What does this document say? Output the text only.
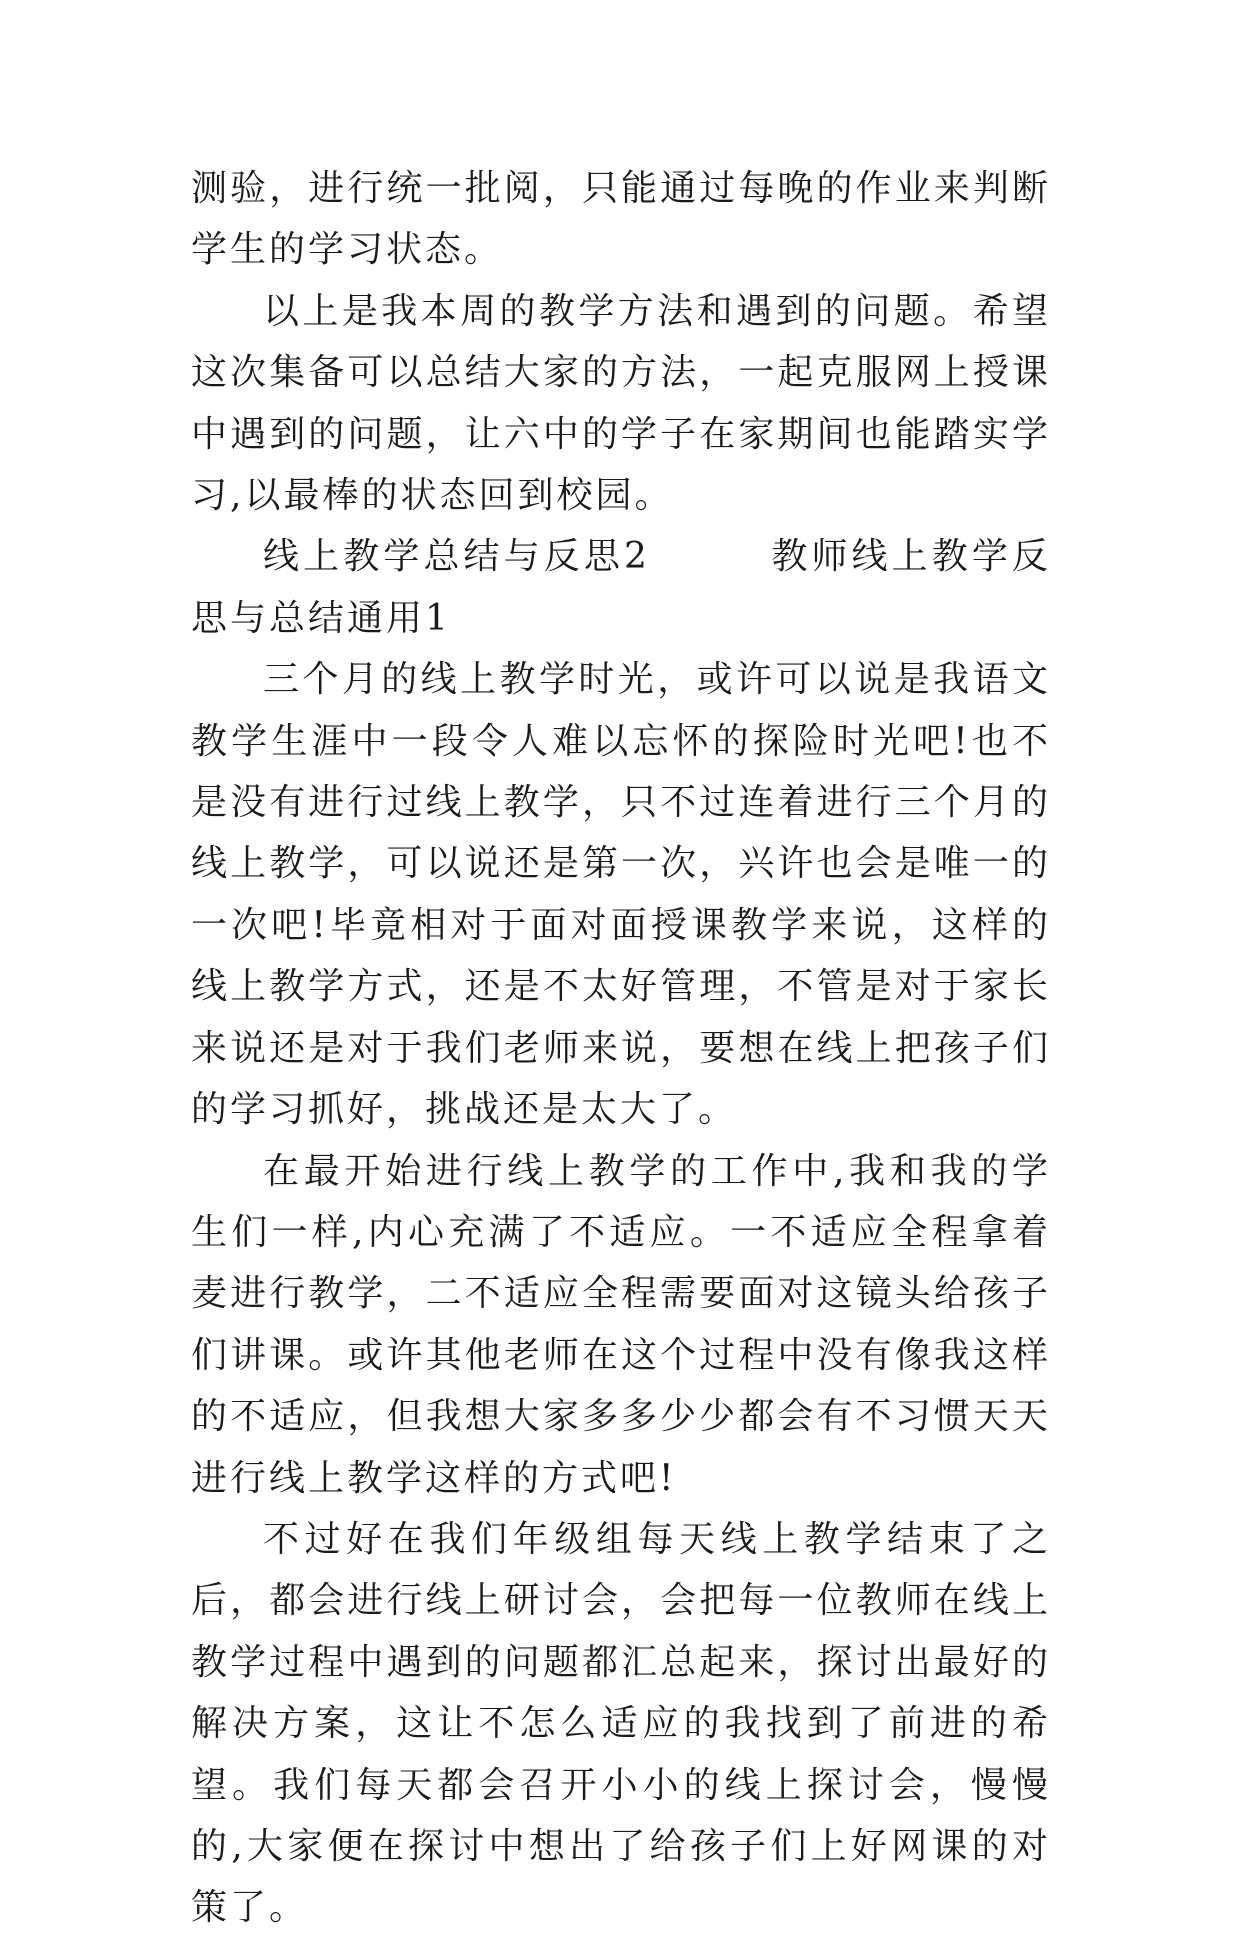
测验，进行统一批阅，只能通过每晚的作业来判断学生的学习状态。

以上是我本周的教学方法和遇到的问题。希望这次集备可以总结大家的方法，一起克服网上授课中遇到的问题，让六中的学子在家期间也能踏实学习,以最棒的状态回到校园。

线上教学总结与反思2　　　教师线上教学反思与总结通用1

三个月的线上教学时光，或许可以说是我语文教学生涯中一段令人难以忘怀的探险时光吧!也不是没有进行过线上教学，只不过连着进行三个月的线上教学，可以说还是第一次，兴许也会是唯一的一次吧!毕竟相对于面对面授课教学来说，这样的线上教学方式，还是不太好管理，不管是对于家长来说还是对于我们老师来说，要想在线上把孩子们的学习抓好，挑战还是太大了。

在最开始进行线上教学的工作中,我和我的学生们一样,内心充满了不适应。一不适应全程拿着麦进行教学，二不适应全程需要面对这镜头给孩子们讲课。或许其他老师在这个过程中没有像我这样的不适应，但我想大家多多少少都会有不习惯天天进行线上教学这样的方式吧!

不过好在我们年级组每天线上教学结束了之后，都会进行线上研讨会，会把每一位教师在线上教学过程中遇到的问题都汇总起来，探讨出最好的解决方案，这让不怎么适应的我找到了前进的希望。我们每天都会召开小小的线上探讨会，慢慢的,大家便在探讨中想出了给孩子们上好网课的对策了。
